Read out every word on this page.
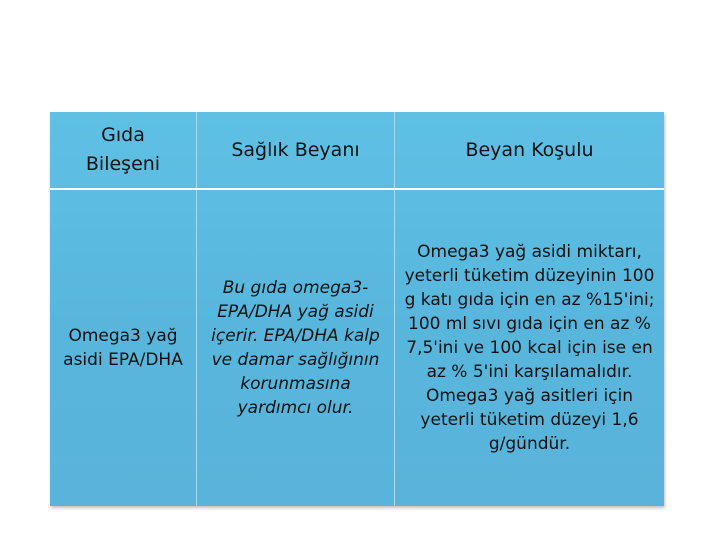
TÜRKİYE
Gıda Bileşeni
Sağlık Beyanı	Beyan Koşulu
Omega3 yağ asidi EPA/DHA
Bu gıda omega3-EPA/DHA yağ asidi içerir. EPA/DHA kalp ve damar sağlığının korunmasına yardımcı olur.
Omega3 yağ asidi miktarı, yeterli tüketim düzeyinin 100 g katı gıda için en az %15'ini; 100 ml sıvı gıda için en az % 7,5'ini ve 100 kcal için ise en az % 5'ini karşılamalıdır. Omega3 yağ asitleri için yeterli tüketim düzeyi 1,6 g/gündür.
